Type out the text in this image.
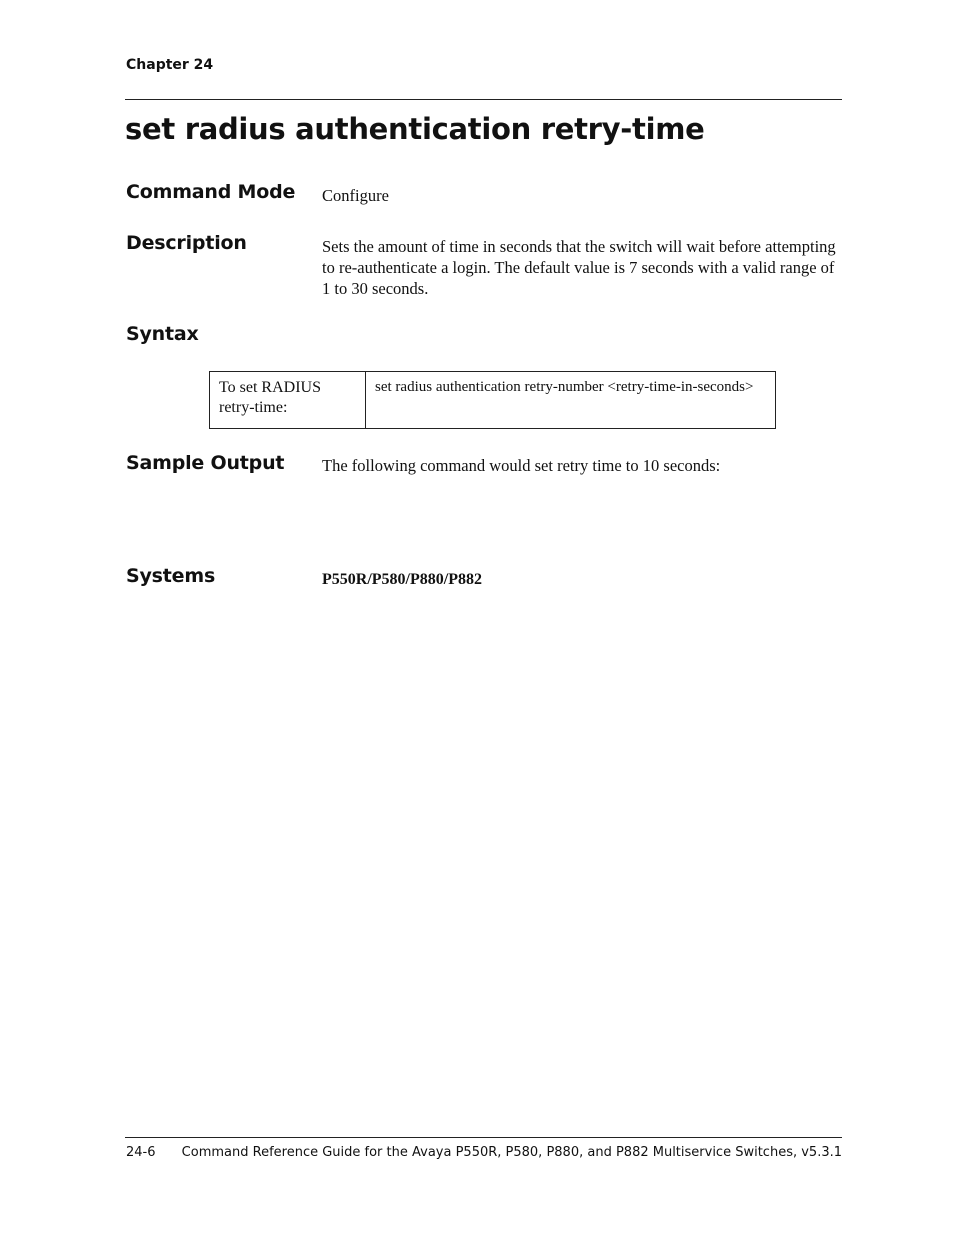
Chapter 24
set radius authentication retry-time
Command Mode Configure
Description	Sets the amount of time in seconds that the switch will wait before attempting to re-authenticate a login. The default value is 7 seconds with a valid range of 1 to 30 seconds.
Syntax
To set RADIUS retry-time:	set radius authentication retry-number <retry-time-in-seconds>
Sample Output The following command would set retry time to 10 seconds:
Systems	P550R/P580/P880/P882
24-6 Command Reference Guide for the Avaya P550R, P580, P880, and P882 Multiservice Switches, v5.3.1
